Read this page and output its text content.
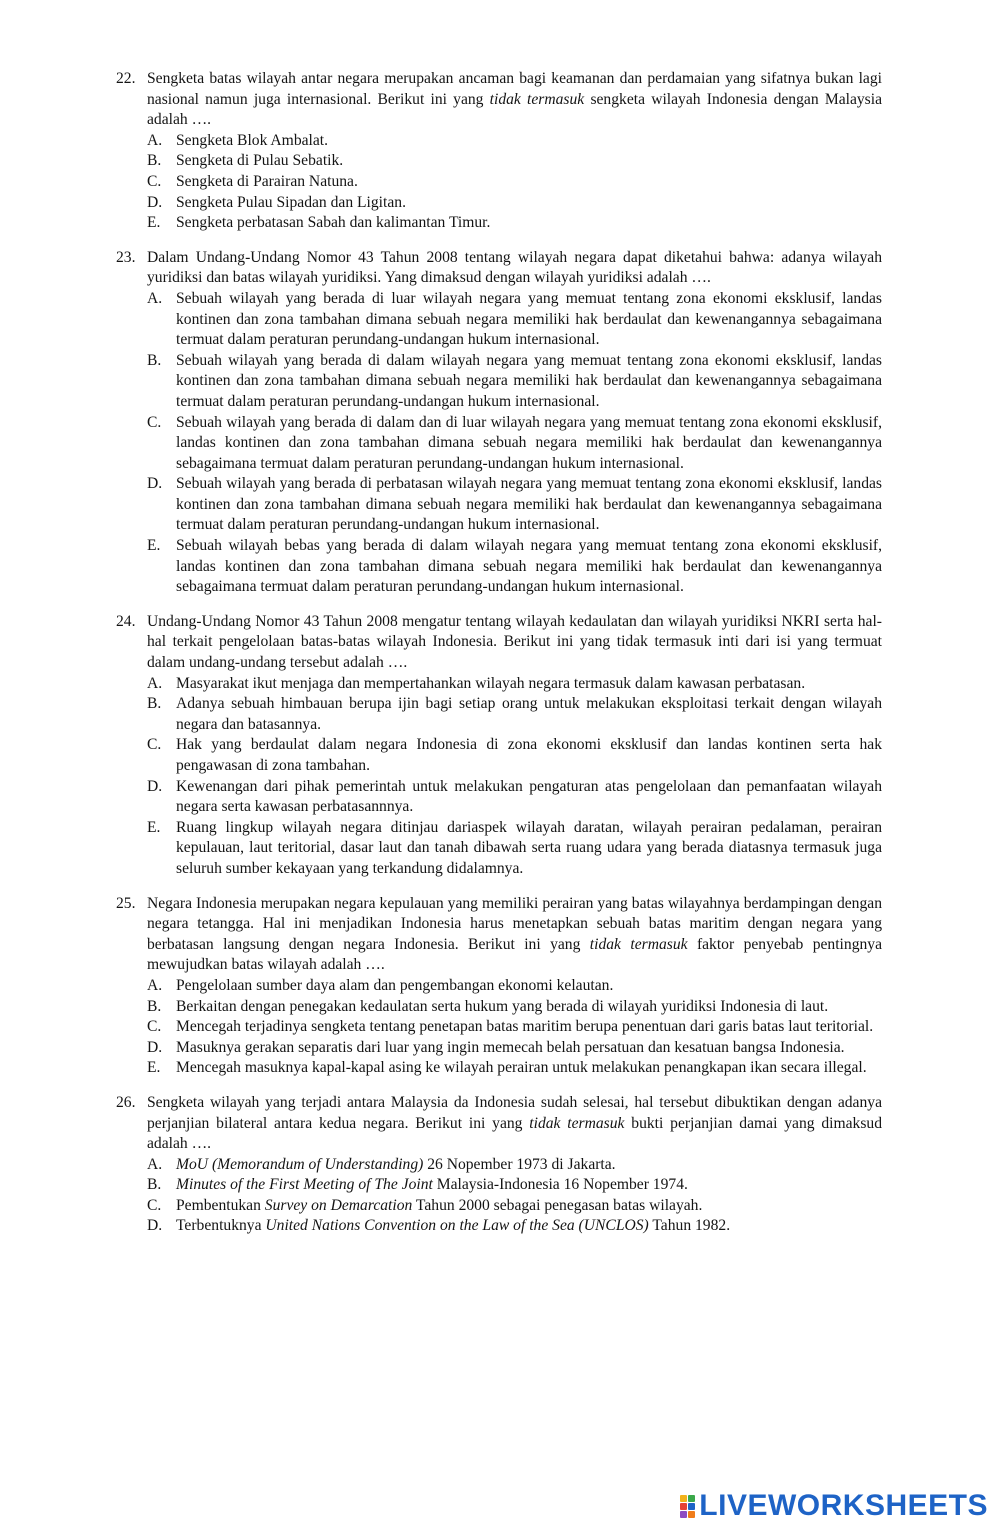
22. Sengketa batas wilayah antar negara merupakan ancaman bagi keamanan dan perdamaian yang sifatnya bukan lagi nasional namun juga internasional. Berikut ini yang tidak termasuk sengketa wilayah Indonesia dengan Malaysia adalah ….
A. Sengketa Blok Ambalat.
B. Sengketa di Pulau Sebatik.
C. Sengketa di Parairan Natuna.
D. Sengketa Pulau Sipadan dan Ligitan.
E. Sengketa perbatasan Sabah dan kalimantan Timur.
23. Dalam Undang-Undang Nomor 43 Tahun 2008 tentang wilayah negara dapat diketahui bahwa: adanya wilayah yuridiksi dan batas wilayah yuridiksi. Yang dimaksud dengan wilayah yuridiksi adalah ….
A. Sebuah wilayah yang berada di luar wilayah negara yang memuat tentang zona ekonomi eksklusif, landas kontinen dan zona tambahan dimana sebuah negara memiliki hak berdaulat dan kewenangannya sebagaimana termuat dalam peraturan perundang-undangan hukum internasional.
B. Sebuah wilayah yang berada di dalam wilayah negara yang memuat tentang zona ekonomi eksklusif, landas kontinen dan zona tambahan dimana sebuah negara memiliki hak berdaulat dan kewenangannya sebagaimana termuat dalam peraturan perundang-undangan hukum internasional.
C. Sebuah wilayah yang berada di dalam dan di luar wilayah negara yang memuat tentang zona ekonomi eksklusif, landas kontinen dan zona tambahan dimana sebuah negara memiliki hak berdaulat dan kewenangannya sebagaimana termuat dalam peraturan perundang-undangan hukum internasional.
D. Sebuah wilayah yang berada di perbatasan wilayah negara yang memuat tentang zona ekonomi eksklusif, landas kontinen dan zona tambahan dimana sebuah negara memiliki hak berdaulat dan kewenangannya sebagaimana termuat dalam peraturan perundang-undangan hukum internasional.
E. Sebuah wilayah bebas yang berada di dalam wilayah negara yang memuat tentang zona ekonomi eksklusif, landas kontinen dan zona tambahan dimana sebuah negara memiliki hak berdaulat dan kewenangannya sebagaimana termuat dalam peraturan perundang-undangan hukum internasional.
24. Undang-Undang Nomor 43 Tahun 2008 mengatur tentang wilayah kedaulatan dan wilayah yuridiksi NKRI serta hal-hal terkait pengelolaan batas-batas wilayah Indonesia. Berikut ini yang tidak termasuk inti dari isi yang termuat dalam undang-undang tersebut adalah ….
A. Masyarakat ikut menjaga dan mempertahankan wilayah negara termasuk dalam kawasan perbatasan.
B. Adanya sebuah himbauan berupa ijin bagi setiap orang untuk melakukan eksploitasi terkait dengan wilayah negara dan batasannya.
C. Hak yang berdaulat dalam negara Indonesia di zona ekonomi eksklusif dan landas kontinen serta hak pengawasan di zona tambahan.
D. Kewenangan dari pihak pemerintah untuk melakukan pengaturan atas pengelolaan dan pemanfaatan wilayah negara serta kawasan perbatasannnya.
E. Ruang lingkup wilayah negara ditinjau dariaspek wilayah daratan, wilayah perairan pedalaman, perairan kepulauan, laut teritorial, dasar laut dan tanah dibawah serta ruang udara yang berada diatasnya termasuk juga seluruh sumber kekayaan yang terkandung didalamnya.
25. Negara Indonesia merupakan negara kepulauan yang memiliki perairan yang batas wilayahnya berdampingan dengan negara tetangga. Hal ini menjadikan Indonesia harus menetapkan sebuah batas maritim dengan negara yang berbatasan langsung dengan negara Indonesia. Berikut ini yang tidak termasuk faktor penyebab pentingnya mewujudkan batas wilayah adalah ….
A. Pengelolaan sumber daya alam dan pengembangan ekonomi kelautan.
B. Berkaitan dengan penegakan kedaulatan serta hukum yang berada di wilayah yuridiksi Indonesia di laut.
C. Mencegah terjadinya sengketa tentang penetapan batas maritim berupa penentuan dari garis batas laut teritorial.
D. Masuknya gerakan separatis dari luar yang ingin memecah belah persatuan dan kesatuan bangsa Indonesia.
E. Mencegah masuknya kapal-kapal asing ke wilayah perairan untuk melakukan penangkapan ikan secara illegal.
26. Sengketa wilayah yang terjadi antara Malaysia da Indonesia sudah selesai, hal tersebut dibuktikan dengan adanya perjanjian bilateral antara kedua negara. Berikut ini yang tidak termasuk bukti perjanjian damai yang dimaksud adalah ….
A. MoU (Memorandum of Understanding) 26 Nopember 1973 di Jakarta.
B. Minutes of the First Meeting of The Joint Malaysia-Indonesia 16 Nopember 1974.
C. Pembentukan Survey on Demarcation Tahun 2000 sebagai penegasan batas wilayah.
D. Terbentuknya United Nations Convention on the Law of the Sea (UNCLOS) Tahun 1982.
LIVEWORKSHEETS
